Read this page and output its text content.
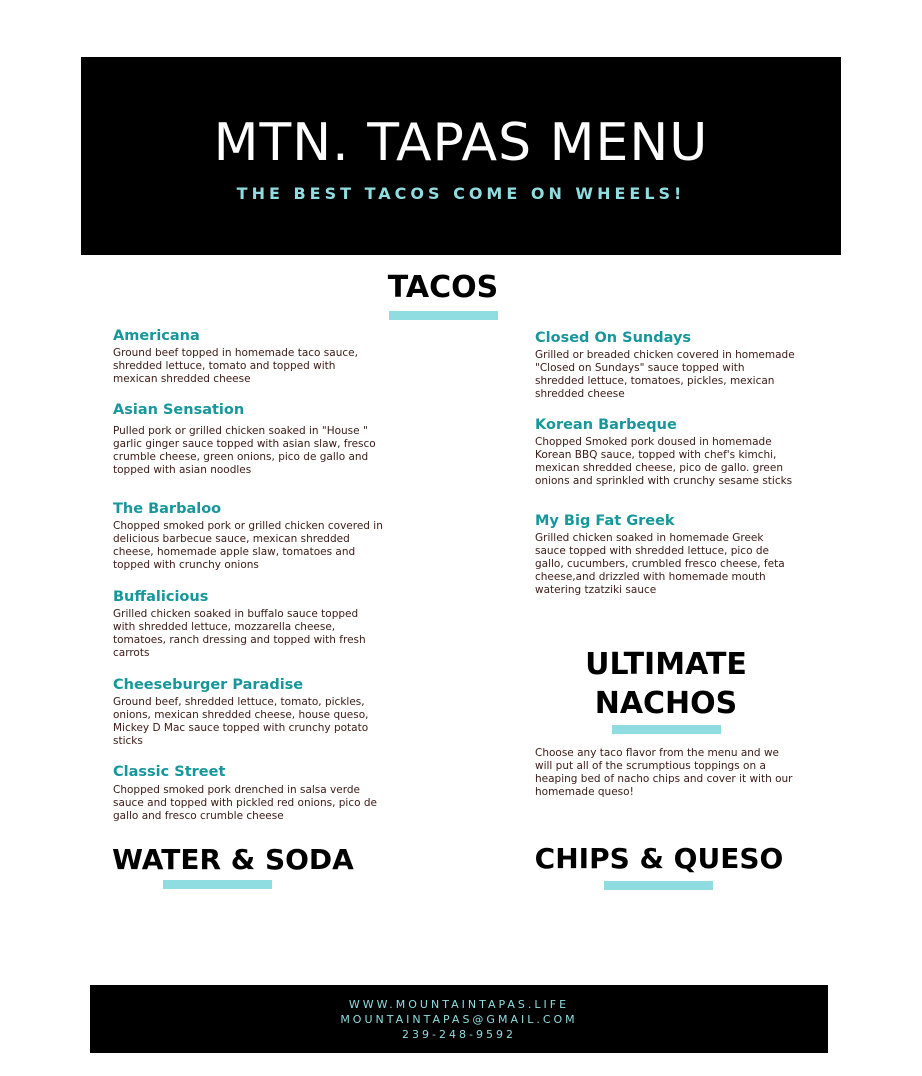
MTN. TAPAS MENU
THE BEST TACOS COME ON WHEELS!
TACOS
Americana
Ground beef topped in homemade taco sauce, shredded lettuce, tomato and topped with mexican shredded cheese
Asian Sensation
Pulled pork or grilled chicken soaked in "House " garlic ginger sauce topped with asian slaw, fresco crumble cheese, green onions, pico de gallo and topped with asian noodles
The Barbaloo
Chopped smoked pork or grilled chicken covered in delicious barbecue sauce, mexican shredded cheese, homemade apple slaw, tomatoes and topped with crunchy onions
Buffalicious
Grilled chicken soaked in buffalo sauce topped with shredded lettuce, mozzarella cheese, tomatoes, ranch dressing and topped with fresh carrots
Cheeseburger Paradise
Ground beef, shredded lettuce, tomato, pickles, onions, mexican shredded cheese, house queso, Mickey D Mac sauce topped with crunchy potato sticks
Classic Street
Chopped smoked pork drenched in salsa verde sauce and topped with pickled red onions, pico de gallo and fresco crumble cheese
Closed On Sundays
Grilled or breaded chicken covered in homemade "Closed on Sundays" sauce topped with shredded lettuce, tomatoes, pickles, mexican shredded cheese
Korean Barbeque
Chopped Smoked pork doused in homemade Korean BBQ sauce, topped with chef's kimchi, mexican shredded cheese, pico de gallo. green onions and sprinkled with crunchy sesame sticks
My Big Fat Greek
Grilled chicken soaked in homemade Greek sauce topped with shredded lettuce, pico de gallo, cucumbers, crumbled fresco cheese, feta cheese,and drizzled with homemade mouth watering tzatziki sauce
ULTIMATE
NACHOS
Choose any taco flavor from the menu and we will put all of the scrumptious toppings on a heaping bed of nacho chips and cover it with our homemade queso!
WATER & SODA	CHIPS & QUESO
WWW.MOUNTAINTAPAS.LIFE
MOUNTAINTAPAS@GMAIL.COM
239-248-9592
